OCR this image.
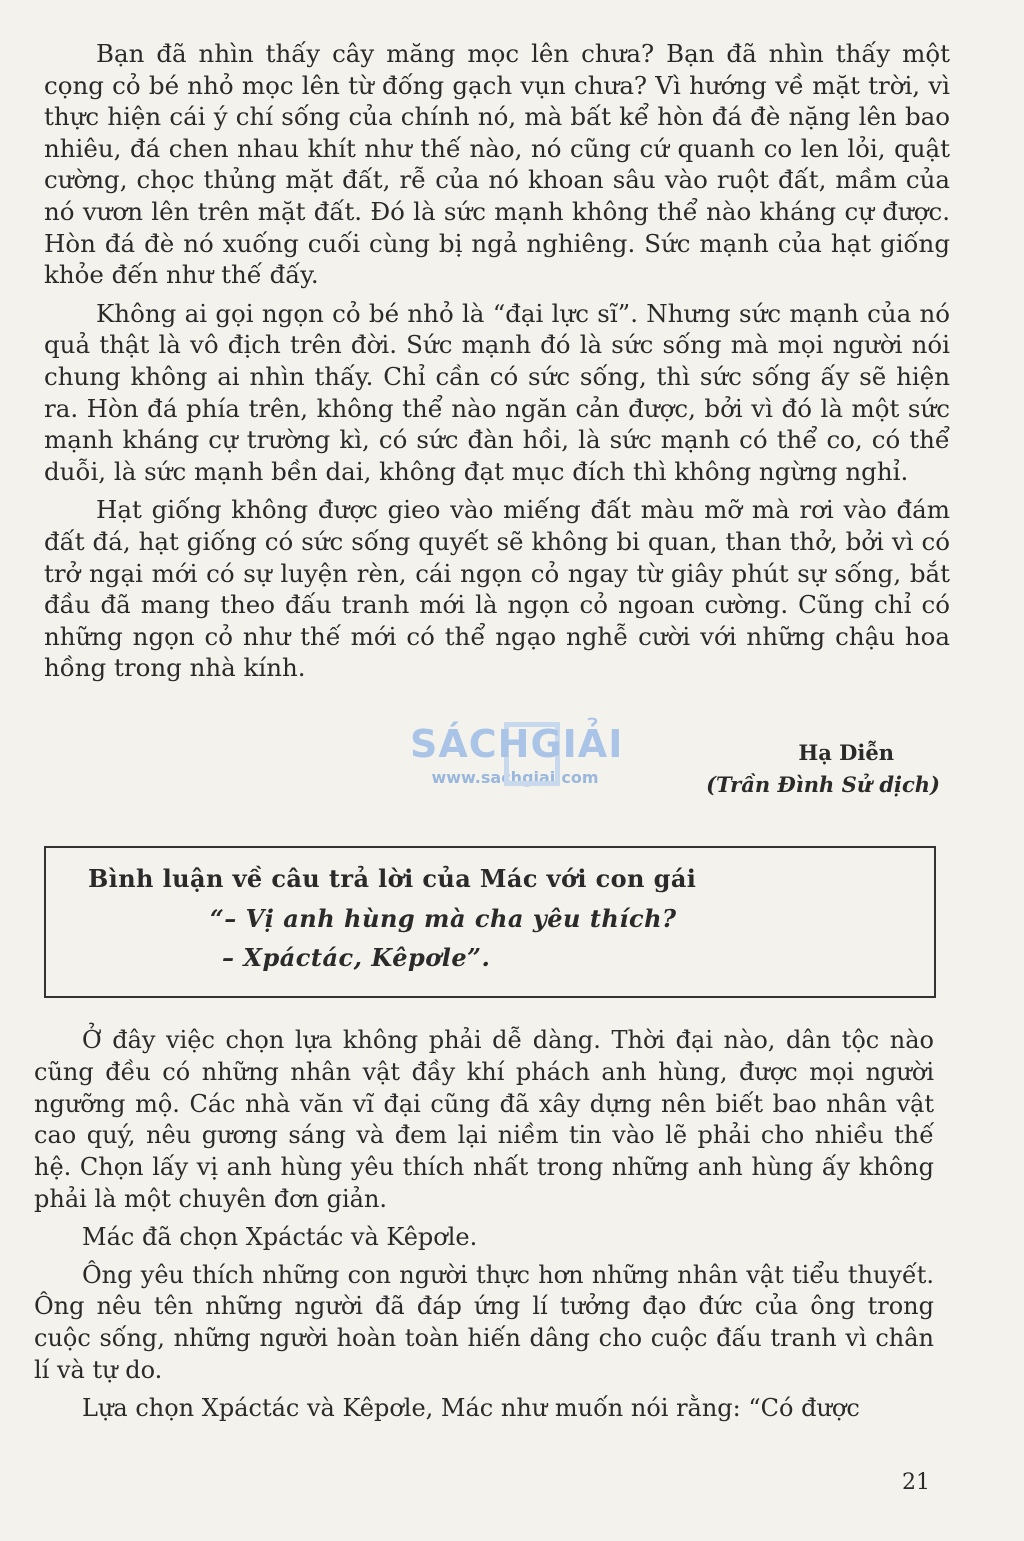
Bạn đã nhìn thấy cây măng mọc lên chưa? Bạn đã nhìn thấy một cọng cỏ bé nhỏ mọc lên từ đống gạch vụn chưa? Vì hướng về mặt trời, vì thực hiện cái ý chí sống của chính nó, mà bất kể hòn đá đè nặng lên bao nhiêu, đá chen nhau khít như thế nào, nó cũng cứ quanh co len lỏi, quật cường, chọc thủng mặt đất, rễ của nó khoan sâu vào ruột đất, mầm của nó vươn lên trên mặt đất. Đó là sức mạnh không thể nào kháng cự được. Hòn đá đè nó xuống cuối cùng bị ngả nghiêng. Sức mạnh của hạt giống khỏe đến như thế đấy.

Không ai gọi ngọn cỏ bé nhỏ là “đại lực sĩ”. Nhưng sức mạnh của nó quả thật là vô địch trên đời. Sức mạnh đó là sức sống mà mọi người nói chung không ai nhìn thấy. Chỉ cần có sức sống, thì sức sống ấy sẽ hiện ra. Hòn đá phía trên, không thể nào ngăn cản được, bởi vì đó là một sức mạnh kháng cự trường kì, có sức đàn hồi, là sức mạnh có thể co, có thể duỗi, là sức mạnh bền dai, không đạt mục đích thì không ngừng nghỉ.

Hạt giống không được gieo vào miếng đất màu mỡ mà rơi vào đám đất đá, hạt giống có sức sống quyết sẽ không bi quan, than thở, bởi vì có trở ngại mới có sự luyện rèn, cái ngọn cỏ ngay từ giây phút sự sống, bắt đầu đã mang theo đấu tranh mới là ngọn cỏ ngoan cường. Cũng chỉ có những ngọn cỏ như thế mới có thể ngạo nghễ cười với những chậu hoa hồng trong nhà kính.

SÁCHGIẢI
www.sachgiai.com
Hạ Diễn
(Trần Đình Sử dịch)
Bình luận về câu trả lời của Mác với con gái
“– Vị anh hùng mà cha yêu thích?
– Xpáctác, Kêpơle”.

Ở đây việc chọn lựa không phải dễ dàng. Thời đại nào, dân tộc nào cũng đều có những nhân vật đầy khí phách anh hùng, được mọi người ngưỡng mộ. Các nhà văn vĩ đại cũng đã xây dựng nên biết bao nhân vật cao quý, nêu gương sáng và đem lại niềm tin vào lẽ phải cho nhiều thế hệ. Chọn lấy vị anh hùng yêu thích nhất trong những anh hùng ấy không phải là một chuyên đơn giản.

Mác đã chọn Xpáctác và Kêpơle.

Ông yêu thích những con người thực hơn những nhân vật tiểu thuyết. Ông nêu tên những người đã đáp ứng lí tưởng đạo đức của ông trong cuộc sống, những người hoàn toàn hiến dâng cho cuộc đấu tranh vì chân lí và tự do.

Lựa chọn Xpáctác và Kêpơle, Mác như muốn nói rằng: “Có được

21
